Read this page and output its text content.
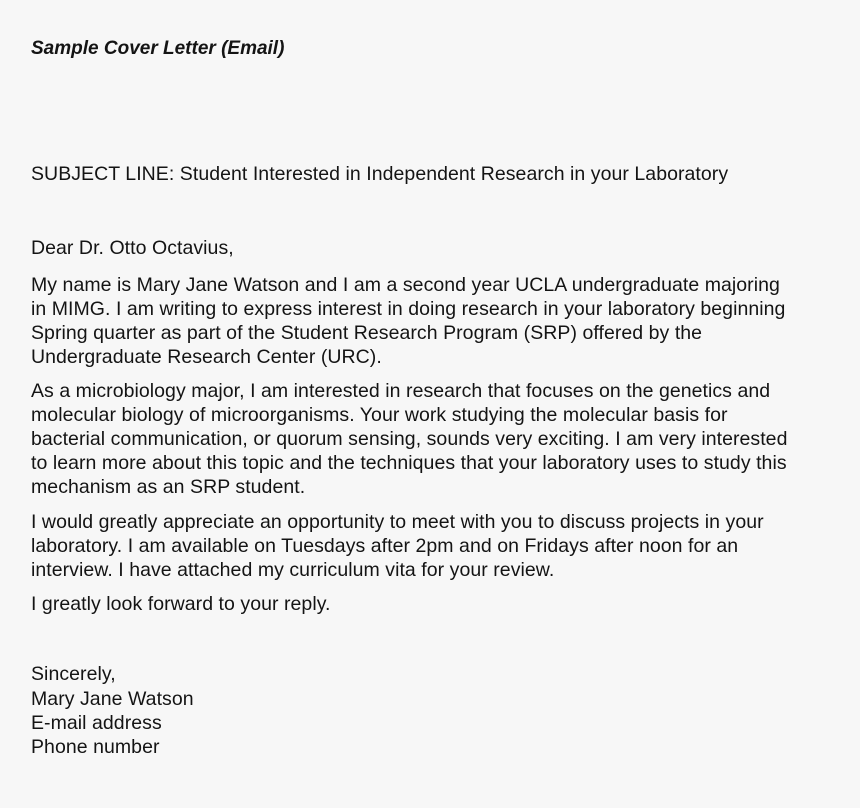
Sample Cover Letter (Email)
SUBJECT LINE: Student Interested in Independent Research in your Laboratory
Dear Dr. Otto Octavius,
My name is Mary Jane Watson and I am a second year UCLA undergraduate majoring
in MIMG. I am writing to express interest in doing research in your laboratory beginning
Spring quarter as part of the Student Research Program (SRP) offered by the
Undergraduate Research Center (URC).
As a microbiology major, I am interested in research that focuses on the genetics and
molecular biology of microorganisms. Your work studying the molecular basis for
bacterial communication, or quorum sensing, sounds very exciting. I am very interested
to learn more about this topic and the techniques that your laboratory uses to study this
mechanism as an SRP student.
I would greatly appreciate an opportunity to meet with you to discuss projects in your
laboratory. I am available on Tuesdays after 2pm and on Fridays after noon for an
interview. I have attached my curriculum vita for your review.
I greatly look forward to your reply.
Sincerely,
Mary Jane Watson
E-mail address
Phone number
